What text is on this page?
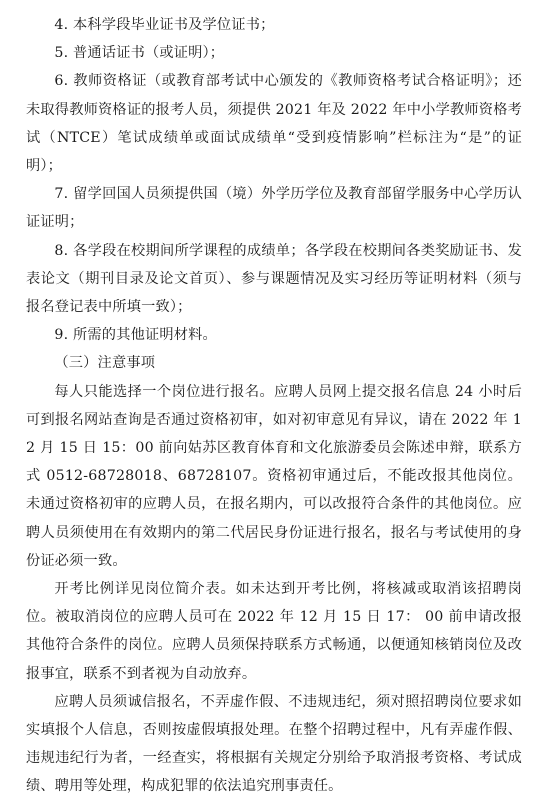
4. 本科学段毕业证书及学位证书；

5. 普通话证书（或证明）；

6. 教师资格证（或教育部考试中心颁发的《教师资格考试合格证明》；还未取得教师资格证的报考人员，须提供 2021 年及 2022 年中小学教师资格考试（NTCE）笔试成绩单或面试成绩单“受到疫情影响”栏标注为“是”的证明）；

7. 留学回国人员须提供国（境）外学历学位及教育部留学服务中心学历认证证明；

8. 各学段在校期间所学课程的成绩单；各学段在校期间各类奖励证书、发表论文（期刊目录及论文首页）、参与课题情况及实习经历等证明材料（须与报名登记表中所填一致）；

9. 所需的其他证明材料。

（三）注意事项

每人只能选择一个岗位进行报名。应聘人员网上提交报名信息 24 小时后可到报名网站查询是否通过资格初审，如对初审意见有异议，请在 2022 年 12 月 15 日 15：00 前向姑苏区教育体育和文化旅游委员会陈述申辩，联系方式 0512-68728018、68728107。资格初审通过后，不能改报其他岗位。未通过资格初审的应聘人员，在报名期内，可以改报符合条件的其他岗位。应聘人员须使用在有效期内的第二代居民身份证进行报名，报名与考试使用的身份证必须一致。

开考比例详见岗位简介表。如未达到开考比例，将核减或取消该招聘岗位。被取消岗位的应聘人员可在 2022 年 12 月 15 日 17： 00 前申请改报其他符合条件的岗位。应聘人员须保持联系方式畅通，以便通知核销岗位及改报事宜，联系不到者视为自动放弃。

应聘人员须诚信报名，不弄虚作假、不违规违纪，须对照招聘岗位要求如实填报个人信息，否则按虚假填报处理。在整个招聘过程中，凡有弄虚作假、违规违纪行为者，一经查实，将根据有关规定分别给予取消报考资格、考试成绩、聘用等处理，构成犯罪的依法追究刑事责任。
